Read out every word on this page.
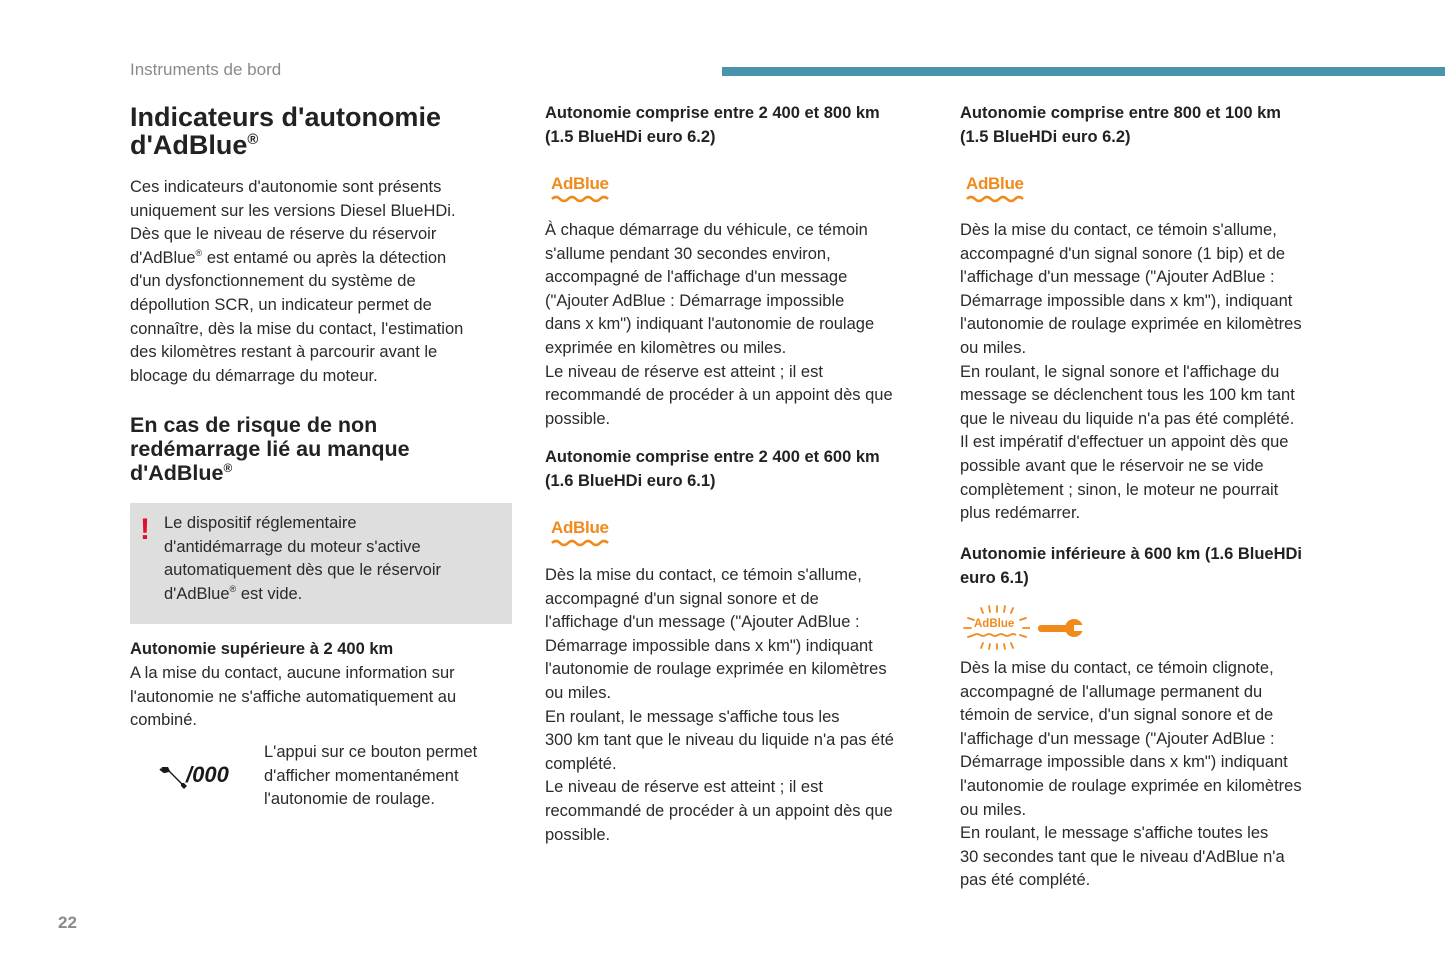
Instruments de bord
22
Indicateurs d'autonomie
d'AdBlue®
Ces indicateurs d'autonomie sont présents
uniquement sur les versions Diesel BlueHDi.
Dès que le niveau de réserve du réservoir
d'AdBlue® est entamé ou après la détection
d'un dysfonctionnement du système de
dépollution SCR, un indicateur permet de
connaître, dès la mise du contact, l'estimation
des kilomètres restant à parcourir avant le
blocage du démarrage du moteur.
En cas de risque de non
redémarrage lié au manque
d'AdBlue®
! Le dispositif réglementaire
d'antidémarrage du moteur s'active
automatiquement dès que le réservoir
d'AdBlue® est vide.
Autonomie supérieure à 2 400 km
A la mise du contact, aucune information sur
l'autonomie ne s'affiche automatiquement au
combiné.
/000
L'appui sur ce bouton permet
d'afficher momentanément
l'autonomie de roulage.
Autonomie comprise entre 2 400 et 800 km
(1.5 BlueHDi euro 6.2)
AdBlue
À chaque démarrage du véhicule, ce témoin
s'allume pendant 30 secondes environ,
accompagné de l'affichage d'un message
("Ajouter AdBlue : Démarrage impossible
dans x km") indiquant l'autonomie de roulage
exprimée en kilomètres ou miles.
Le niveau de réserve est atteint ; il est
recommandé de procéder à un appoint dès que
possible.
Autonomie comprise entre 2 400 et 600 km
(1.6 BlueHDi euro 6.1)
AdBlue
Dès la mise du contact, ce témoin s'allume,
accompagné d'un signal sonore et de
l'affichage d'un message ("Ajouter AdBlue :
Démarrage impossible dans x km") indiquant
l'autonomie de roulage exprimée en kilomètres
ou miles.
En roulant, le message s'affiche tous les
300 km tant que le niveau du liquide n'a pas été
complété.
Le niveau de réserve est atteint ; il est
recommandé de procéder à un appoint dès que
possible.
Autonomie comprise entre 800 et 100 km
(1.5 BlueHDi euro 6.2)
AdBlue
Dès la mise du contact, ce témoin s'allume,
accompagné d'un signal sonore (1 bip) et de
l'affichage d'un message ("Ajouter AdBlue :
Démarrage impossible dans x km"), indiquant
l'autonomie de roulage exprimée en kilomètres
ou miles.
En roulant, le signal sonore et l'affichage du
message se déclenchent tous les 100 km tant
que le niveau du liquide n'a pas été complété.
Il est impératif d'effectuer un appoint dès que
possible avant que le réservoir ne se vide
complètement ; sinon, le moteur ne pourrait
plus redémarrer.
Autonomie inférieure à 600 km (1.6 BlueHDi
euro 6.1)
AdBlue
Dès la mise du contact, ce témoin clignote,
accompagné de l'allumage permanent du
témoin de service, d'un signal sonore et de
l'affichage d'un message ("Ajouter AdBlue :
Démarrage impossible dans x km") indiquant
l'autonomie de roulage exprimée en kilomètres
ou miles.
En roulant, le message s'affiche toutes les
30 secondes tant que le niveau d'AdBlue n'a
pas été complété.
